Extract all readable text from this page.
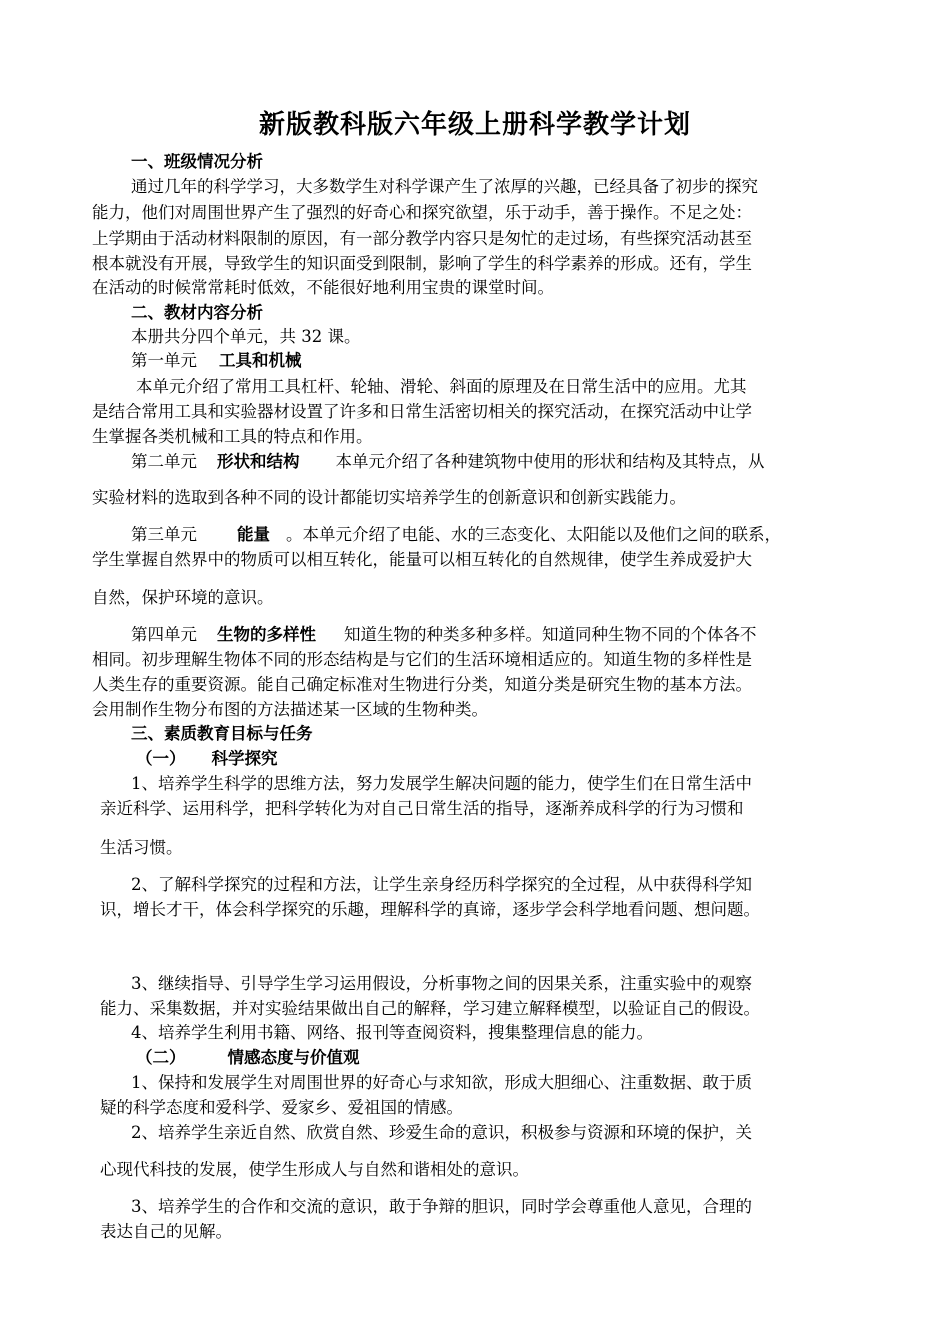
新版教科版六年级上册科学教学计划
一、班级情况分析
通过几年的科学学习，大多数学生对科学课产生了浓厚的兴趣，已经具备了初步的探究
能力，他们对周围世界产生了强烈的好奇心和探究欲望，乐于动手，善于操作。不足之处：
上学期由于活动材料限制的原因，有一部分教学内容只是匆忙的走过场，有些探究活动甚至
根本就没有开展，导致学生的知识面受到限制，影响了学生的科学素养的形成。还有，学生
在活动的时候常常耗时低效，不能很好地利用宝贵的课堂时间。
二、教材内容分析
本册共分四个单元，共 32 课。
第一单元 工具和机械
本单元介绍了常用工具杠杆、轮轴、滑轮、斜面的原理及在日常生活中的应用。尤其
是结合常用工具和实验器材设置了许多和日常生活密切相关的探究活动，在探究活动中让学
生掌握各类机械和工具的特点和作用。
第二单元 形状和结构 本单元介绍了各种建筑物中使用的形状和结构及其特点，从
实验材料的选取到各种不同的设计都能切实培养学生的创新意识和创新实践能力。
第三单元 能量 。本单元介绍了电能、水的三态变化、太阳能以及他们之间的联系，
学生掌握自然界中的物质可以相互转化，能量可以相互转化的自然规律，使学生养成爱护大
自然，保护环境的意识。
第四单元 生物的多样性 知道生物的种类多种多样。知道同种生物不同的个体各不
相同。初步理解生物体不同的形态结构是与它们的生活环境相适应的。知道生物的多样性是
人类生存的重要资源。能自己确定标准对生物进行分类，知道分类是研究生物的基本方法。
会用制作生物分布图的方法描述某一区域的生物种类。
三、素质教育目标与任务
（一） 科学探究
1、培养学生科学的思维方法，努力发展学生解决问题的能力，使学生们在日常生活中
亲近科学、运用科学，把科学转化为对自己日常生活的指导，逐渐养成科学的行为习惯和
生活习惯。
2、了解科学探究的过程和方法，让学生亲身经历科学探究的全过程，从中获得科学知
识，增长才干，体会科学探究的乐趣，理解科学的真谛，逐步学会科学地看问题、想问题。
3、继续指导、引导学生学习运用假设，分析事物之间的因果关系，注重实验中的观察
能力、采集数据，并对实验结果做出自己的解释，学习建立解释模型，以验证自己的假设。
4、培养学生利用书籍、网络、报刊等查阅资料，搜集整理信息的能力。
（二）	情感态度与价值观
1、保持和发展学生对周围世界的好奇心与求知欲，形成大胆细心、注重数据、敢于质
疑的科学态度和爱科学、爱家乡、爱祖国的情感。
2、培养学生亲近自然、欣赏自然、珍爱生命的意识，积极参与资源和环境的保护，关
心现代科技的发展，使学生形成人与自然和谐相处的意识。
3、培养学生的合作和交流的意识，敢于争辩的胆识，同时学会尊重他人意见，合理的
表达自己的见解。
